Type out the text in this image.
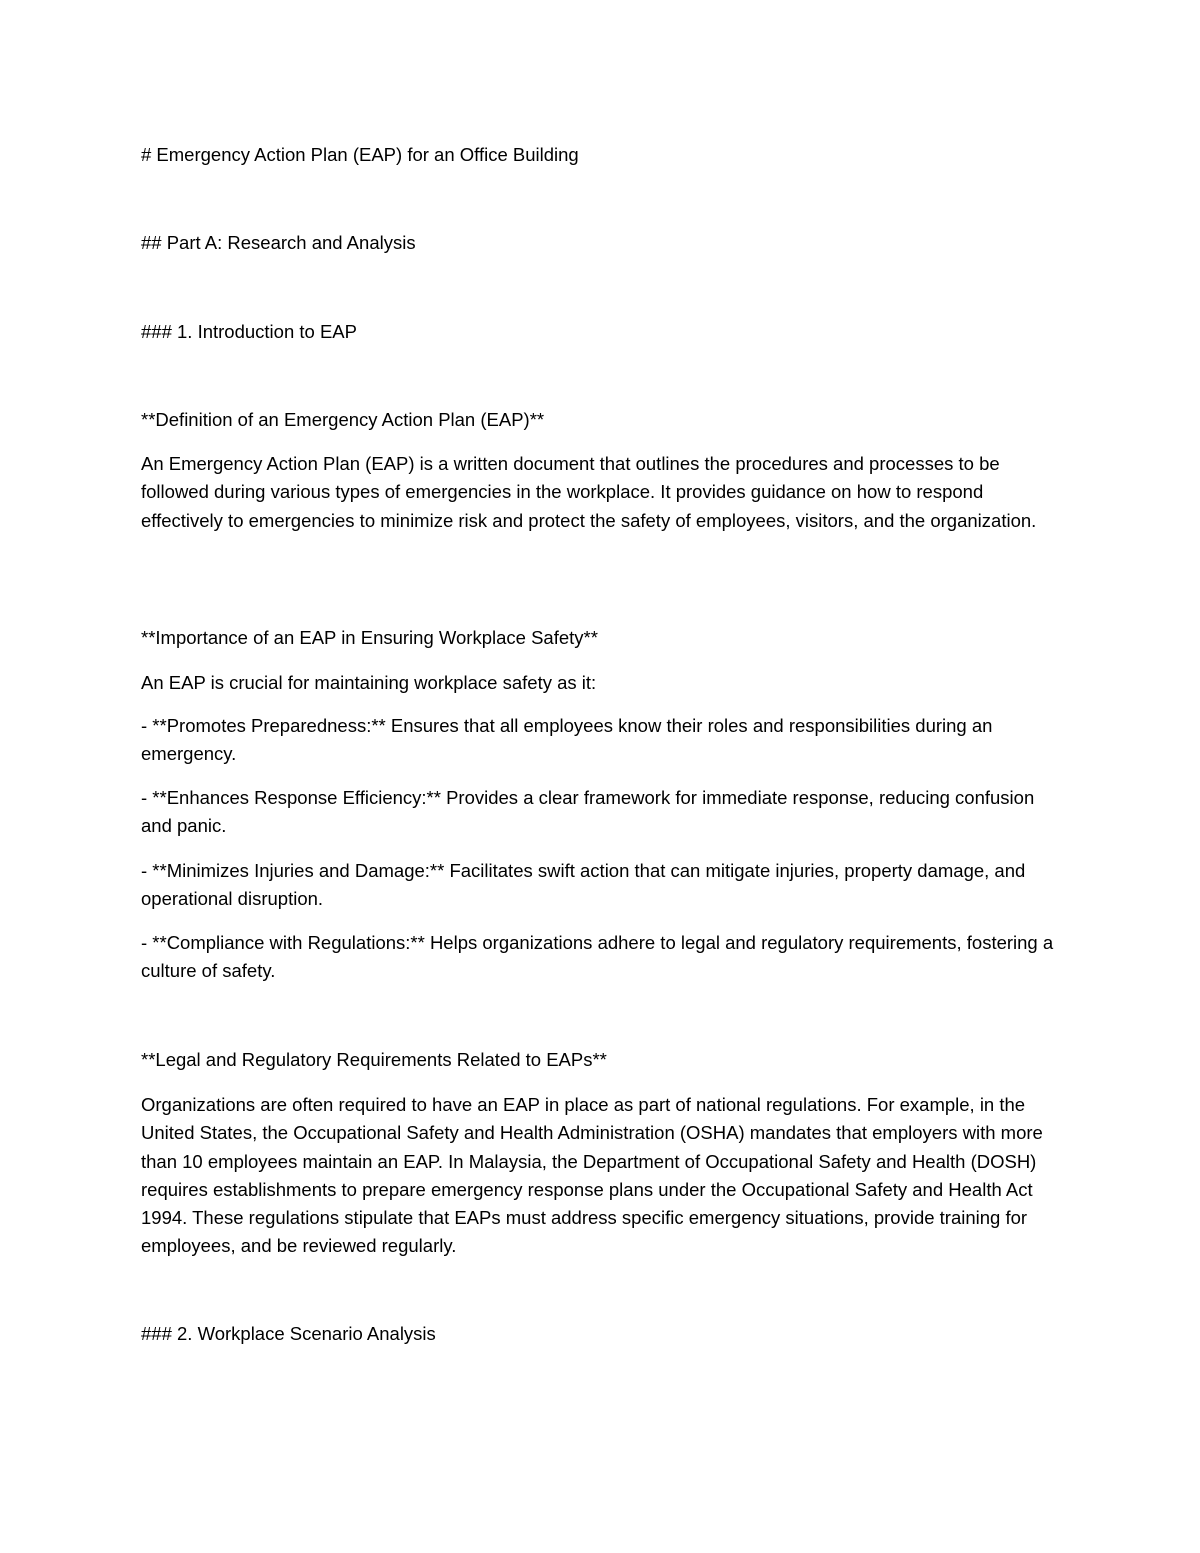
# Emergency Action Plan (EAP) for an Office Building

## Part A: Research and Analysis

### 1. Introduction to EAP

**Definition of an Emergency Action Plan (EAP)**

An Emergency Action Plan (EAP) is a written document that outlines the procedures and processes to be followed during various types of emergencies in the workplace. It provides guidance on how to respond effectively to emergencies to minimize risk and protect the safety of employees, visitors, and the organization.

**Importance of an EAP in Ensuring Workplace Safety**

An EAP is crucial for maintaining workplace safety as it:

- **Promotes Preparedness:** Ensures that all employees know their roles and responsibilities during an emergency.

- **Enhances Response Efficiency:** Provides a clear framework for immediate response, reducing confusion and panic.

- **Minimizes Injuries and Damage:** Facilitates swift action that can mitigate injuries, property damage, and operational disruption.

- **Compliance with Regulations:** Helps organizations adhere to legal and regulatory requirements, fostering a culture of safety.

**Legal and Regulatory Requirements Related to EAPs**

Organizations are often required to have an EAP in place as part of national regulations. For example, in the United States, the Occupational Safety and Health Administration (OSHA) mandates that employers with more than 10 employees maintain an EAP. In Malaysia, the Department of Occupational Safety and Health (DOSH) requires establishments to prepare emergency response plans under the Occupational Safety and Health Act 1994. These regulations stipulate that EAPs must address specific emergency situations, provide training for employees, and be reviewed regularly.

### 2. Workplace Scenario Analysis
